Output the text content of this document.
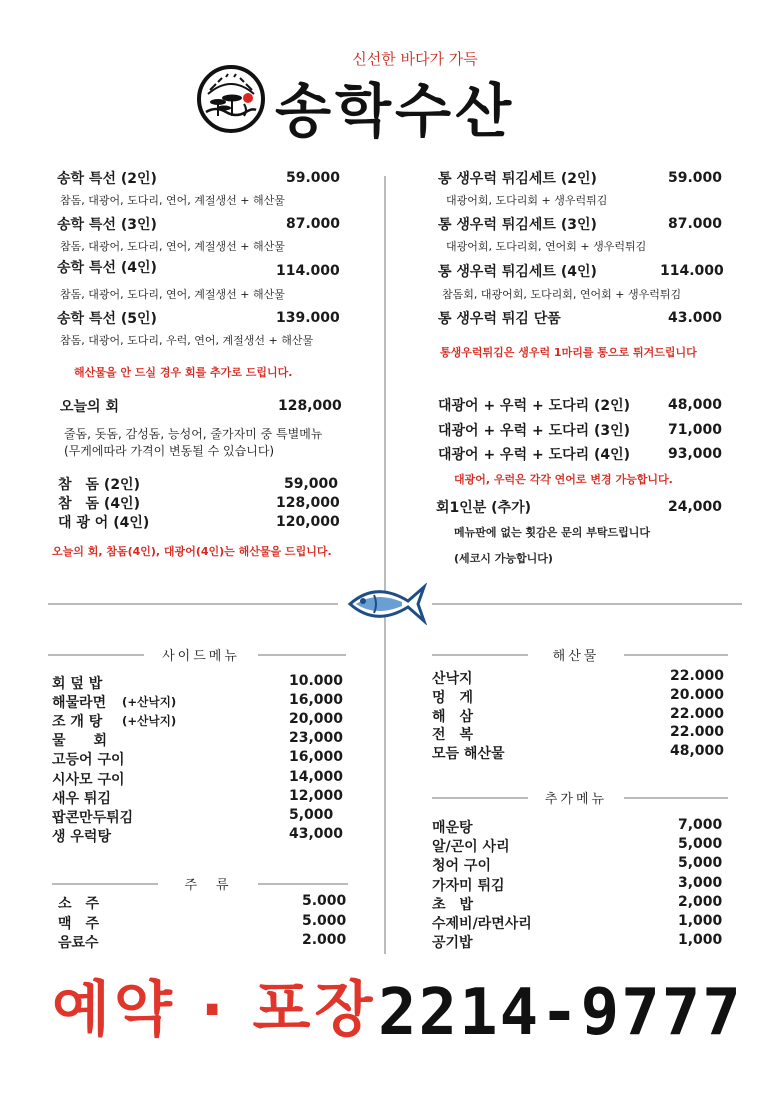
신선한 바다가 가득
송학수산
송학 특선 (2인)	59.000
참돔, 대광어, 도다리, 연어, 계절생선 + 해산물
송학 특선 (3인)	87.000
참돔, 대광어, 도다리, 연어, 계절생선 + 해산물
송학 특선 (4인)	114.000
참돔, 대광어, 도다리, 연어, 계절생선 + 해산물
송학 특선 (5인)	139.000
참돔, 대광어, 도다리, 우럭, 연어, 계절생선 + 해산물
해산물을 안 드실 경우 회를 추가로 드립니다.
오늘의 회	128,000
줄돔, 돗돔, 감성돔, 능성어, 줄가자미 중 특별메뉴
(무게에따라 가격이 변동될 수 있습니다)
참　돔 (2인)	59,000
참　돔 (4인)	128,000
대 광 어 (4인)	120,000
오늘의 회, 참돔(4인), 대광어(4인)는 해산물을 드립니다.
통 생우럭 튀김세트 (2인)	59.000
대광어회, 도다리회 + 생우럭튀김
통 생우럭 튀김세트 (3인)	87.000
대광어회, 도다리회, 연어회 + 생우럭튀김
통 생우럭 튀김세트 (4인)	114.000
참돔회, 대광어회, 도다리회, 연어회 + 생우럭튀김
통 생우럭 튀김 단품	43.000
통생우럭튀김은 생우럭 1마리를 통으로 튀겨드립니다
대광어 + 우럭 + 도다리 (2인)	48,000
대광어 + 우럭 + 도다리 (3인)	71,000
대광어 + 우럭 + 도다리 (4인)	93,000
대광어, 우럭은 각각 연어로 변경 가능합니다.
회1인분 (추가)	24,000
메뉴판에 없는 횟감은 문의 부탁드립니다
(세코시 가능합니다)
사이드메뉴
회 덮 밥	10.000
해물라면 (+산낙지)	16,000
조 개 탕 (+산낙지)	20,000
물　　회	23,000
고등어 구이	16,000
시사모 구이	14,000
새우 튀김	12,000
팝콘만두튀김	5,000
생 우럭탕	43,000
주　류
소　주	5.000
맥　주	5.000
음료수	2.000
해산물
산낙지	22.000
멍　게	20.000
해　삼	22.000
전　복	22.000
모듬 해산물	48,000
추가메뉴
매운탕	7,000
알/곤이 사리	5,000
청어 구이	5,000
가자미 튀김	3,000
초　밥	2,000
수제비/라면사리	1,000
공기밥	1,000
예약 · 포장 2214-9777
